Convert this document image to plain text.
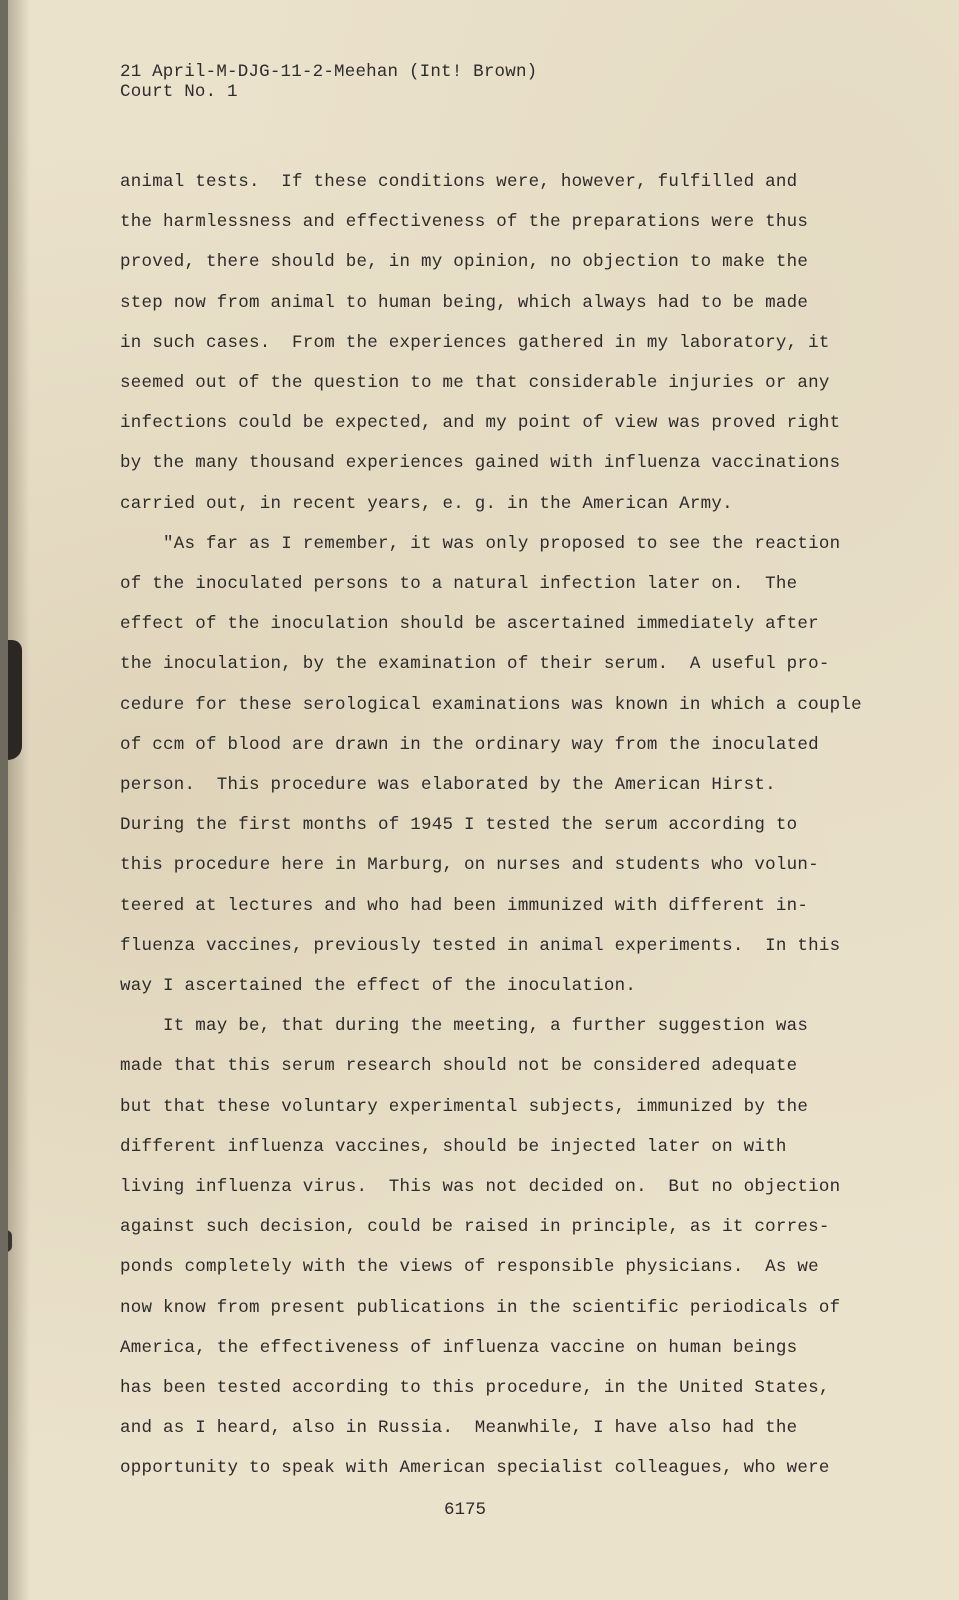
21 April-M-DJG-11-2-Meehan (Int! Brown)
Court No. 1
animal tests.  If these conditions were, however, fulfilled and
the harmlessness and effectiveness of the preparations were thus
proved, there should be, in my opinion, no objection to make the
step now from animal to human being, which always had to be made
in such cases.  From the experiences gathered in my laboratory, it
seemed out of the question to me that considerable injuries or any
infections could be expected, and my point of view was proved right
by the many thousand experiences gained with influenza vaccinations
carried out, in recent years, e. g. in the American Army.
"As far as I remember, it was only proposed to see the reaction
of the inoculated persons to a natural infection later on.  The
effect of the inoculation should be ascertained immediately after
the inoculation, by the examination of their serum.  A useful pro-
cedure for these serological examinations was known in which a couple
of ccm of blood are drawn in the ordinary way from the inoculated
person.  This procedure was elaborated by the American Hirst.
During the first months of 1945 I tested the serum according to
this procedure here in Marburg, on nurses and students who volun-
teered at lectures and who had been immunized with different in-
fluenza vaccines, previously tested in animal experiments.  In this
way I ascertained the effect of the inoculation.
It may be, that during the meeting, a further suggestion was
made that this serum research should not be considered adequate
but that these voluntary experimental subjects, immunized by the
different influenza vaccines, should be injected later on with
living influenza virus.  This was not decided on.  But no objection
against such decision, could be raised in principle, as it corres-
ponds completely with the views of responsible physicians.  As we
now know from present publications in the scientific periodicals of
America, the effectiveness of influenza vaccine on human beings
has been tested according to this procedure, in the United States,
and as I heard, also in Russia.  Meanwhile, I have also had the
opportunity to speak with American specialist colleagues, who were
6175
